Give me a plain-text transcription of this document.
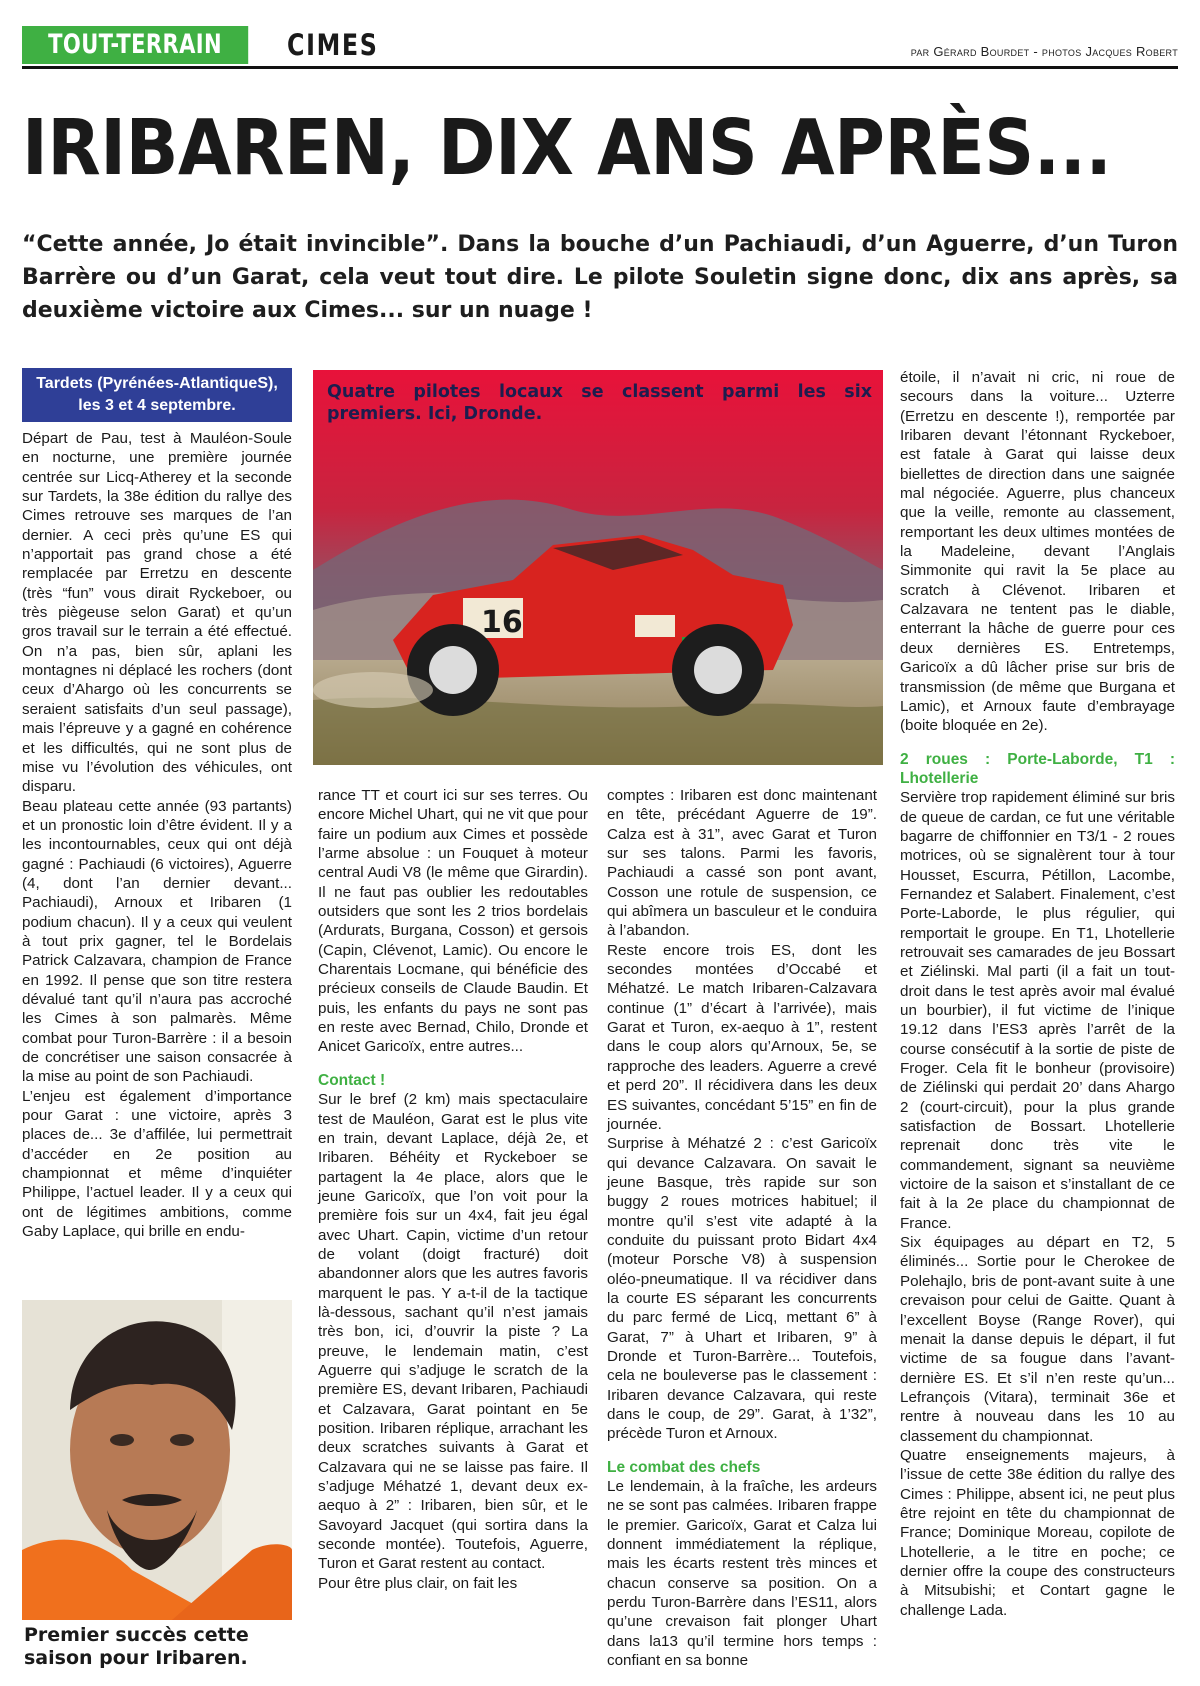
TOUT-TERRAIN	CIMES	par Gérard Bourdet - photos Jacques Robert
IRIBAREN, DIX ANS APRÈS...
“Cette année, Jo était invincible”. Dans la bouche d’un Pachiaudi, d’un Aguerre, d’un Turon Barrère ou d’un Garat, cela veut tout dire. Le pilote Souletin signe donc, dix ans après, sa deuxième victoire aux Cimes... sur un nuage !
Tardets (Pyrénées-AtlantiqueS),
les 3 et 4 septembre.

Départ de Pau, test à Mauléon-Soule en nocturne, une première journée centrée sur Licq-Atherey et la seconde sur Tardets, la 38e édition du rallye des Cimes retrouve ses marques de l’an dernier. A ceci près qu’une ES qui n’apportait pas grand chose a été remplacée par Erretzu en descente (très “fun” vous dirait Ryckeboer, ou très piègeuse selon Garat) et qu’un gros travail sur le terrain a été effectué. On n’a pas, bien sûr, aplani les montagnes ni déplacé les rochers (dont ceux d’Ahargo où les concurrents se seraient satisfaits d’un seul passage), mais l’épreuve y a gagné en cohérence et les difficultés, qui ne sont plus de mise vu l’évolution des véhicules, ont disparu.

Beau plateau cette année (93 partants) et un pronostic loin d’être évident. Il y a les incontournables, ceux qui ont déjà gagné : Pachiaudi (6 victoires), Aguerre (4, dont l’an dernier devant... Pachiaudi), Arnoux et Iribaren (1 podium chacun). Il y a ceux qui veulent à tout prix gagner, tel le Bordelais Patrick Calzavara, champion de France en 1992. Il pense que son titre restera dévalué tant qu’il n’aura pas accroché les Cimes à son palmarès. Même combat pour Turon-Barrère : il a besoin de concrétiser une saison consacrée à la mise au point de son Pachiaudi.

L’enjeu est également d’importance pour Garat : une victoire, après 3 places de... 3e d’affilée, lui permettrait d’accéder en 2e position au championnat et même d’inquiéter Philippe, l’actuel leader. Il y a ceux qui ont de légitimes ambitions, comme Gaby Laplace, qui brille en endu-

16
Quatre pilotes locaux se classent parmi les six premiers. Ici, Dronde.

rance TT et court ici sur ses terres. Ou encore Michel Uhart, qui ne vit que pour faire un podium aux Cimes et possède l’arme absolue : un Fouquet à moteur central Audi V8 (le même que Girardin). Il ne faut pas oublier les redoutables outsiders que sont les 2 trios bordelais (Ardurats, Burgana, Cosson) et gersois (Capin, Clévenot, Lamic). Ou encore le Charentais Locmane, qui bénéficie des précieux conseils de Claude Baudin. Et puis, les enfants du pays ne sont pas en reste avec Bernad, Chilo, Dronde et Anicet Garicoïx, entre autres...

Contact !

Sur le bref (2 km) mais spectaculaire test de Mauléon, Garat est le plus vite en train, devant Laplace, déjà 2e, et Iribaren. Béhéity et Ryckeboer se partagent la 4e place, alors que le jeune Garicoïx, que l’on voit pour la première fois sur un 4x4, fait jeu égal avec Uhart. Capin, victime d’un retour de volant (doigt fracturé) doit abandonner alors que les autres favoris marquent le pas. Y a-t-il de la tactique là-dessous, sachant qu’il n’est jamais très bon, ici, d’ouvrir la piste ? La preuve, le lendemain matin, c’est Aguerre qui s’adjuge le scratch de la première ES, devant Iribaren, Pachiaudi et Calzavara, Garat pointant en 5e position. Iribaren réplique, arrachant les deux scratches suivants à Garat et Calzavara qui ne se laisse pas faire. Il s’adjuge Méhatzé 1, devant deux ex-aequo à 2” : Iribaren, bien sûr, et le Savoyard Jacquet (qui sortira dans la seconde montée). Toutefois, Aguerre, Turon et Garat restent au contact.

Pour être plus clair, on fait les

comptes : Iribaren est donc maintenant en tête, précédant Aguerre de 19”. Calza est à 31”, avec Garat et Turon sur ses talons. Parmi les favoris, Pachiaudi a cassé son pont avant, Cosson une rotule de suspension, ce qui abîmera un basculeur et le conduira à l’abandon.

Reste encore trois ES, dont les secondes montées d’Occabé et Méhatzé. Le match Iribaren-Calzavara continue (1” d’écart à l’arrivée), mais Garat et Turon, ex-aequo à 1”, restent dans le coup alors qu’Arnoux, 5e, se rapproche des leaders. Aguerre a crevé et perd 20”. Il récidivera dans les deux ES suivantes, concédant 5’15” en fin de journée.

Surprise à Méhatzé 2 : c’est Garicoïx qui devance Calzavara. On savait le jeune Basque, très rapide sur son buggy 2 roues motrices habituel; il montre qu’il s’est vite adapté à la conduite du puissant proto Bidart 4x4 (moteur Porsche V8) à suspension oléo-pneumatique. Il va récidiver dans la courte ES séparant les concurrents du parc fermé de Licq, mettant 6” à Garat, 7” à Uhart et Iribaren, 9” à Dronde et Turon-Barrère... Toutefois, cela ne bouleverse pas le classement : Iribaren devance Calzavara, qui reste dans le coup, de 29”. Garat, à 1’32”, précède Turon et Arnoux.

Le combat des chefs

Le lendemain, à la fraîche, les ardeurs ne se sont pas calmées. Iribaren frappe le premier. Garicoïx, Garat et Calza lui donnent immédiatement la réplique, mais les écarts restent très minces et chacun conserve sa position. On a perdu Turon-Barrère dans l’ES11, alors qu’une crevaison fait plonger Uhart dans la13 qu’il termine hors temps : confiant en sa bonne

étoile, il n’avait ni cric, ni roue de secours dans la voiture... Uzterre (Erretzu en descente !), remportée par Iribaren devant l’étonnant Ryckeboer, est fatale à Garat qui laisse deux biellettes de direction dans une saignée mal négociée. Aguerre, plus chanceux que la veille, remonte au classement, remportant les deux ultimes montées de la Madeleine, devant l’Anglais Simmonite qui ravit la 5e place au scratch à Clévenot. Iribaren et Calzavara ne tentent pas le diable, enterrant la hâche de guerre pour ces deux dernières ES. Entretemps, Garicoïx a dû lâcher prise sur bris de transmission (de même que Burgana et Lamic), et Arnoux faute d’embrayage (boite bloquée en 2e).

2 roues : Porte-Laborde, T1 : Lhotellerie

Servière trop rapidement éliminé sur bris de queue de cardan, ce fut une véritable bagarre de chiffonnier en T3/1 - 2 roues motrices, où se signalèrent tour à tour Housset, Escurra, Pétillon, Lacombe, Fernandez et Salabert. Finalement, c’est Porte-Laborde, le plus régulier, qui remportait le groupe. En T1, Lhotellerie retrouvait ses camarades de jeu Bossart et Ziélinski. Mal parti (il a fait un tout-droit dans le test après avoir mal évalué un bourbier), il fut victime de l’inique 19.12 dans l’ES3 après l’arrêt de la course consécutif à la sortie de piste de Froger. Cela fit le bonheur (provisoire) de Ziélinski qui perdait 20’ dans Ahargo 2 (court-circuit), pour la plus grande satisfaction de Bossart. Lhotellerie reprenait donc très vite le commandement, signant sa neuvième victoire de la saison et s’installant de ce fait à la 2e place du championnat de France.

Six équipages au départ en T2, 5 éliminés... Sortie pour le Cherokee de Polehajlo, bris de pont-avant suite à une crevaison pour celui de Gaitte. Quant à l’excellent Boyse (Range Rover), qui menait la danse depuis le départ, il fut victime de sa fougue dans l’avant-dernière ES. Et s’il n’en reste qu’un... Lefrançois (Vitara), terminait 36e et rentre à nouveau dans les 10 au classement du championnat.

Quatre enseignements majeurs, à l’issue de cette 38e édition du rallye des Cimes : Philippe, absent ici, ne peut plus être rejoint en tête du championnat de France; Dominique Moreau, copilote de Lhotellerie, a le titre en poche; ce dernier offre la coupe des constructeurs à Mitsubishi; et Contart gagne le challenge Lada.

Premier succès cette saison pour Iribaren.
